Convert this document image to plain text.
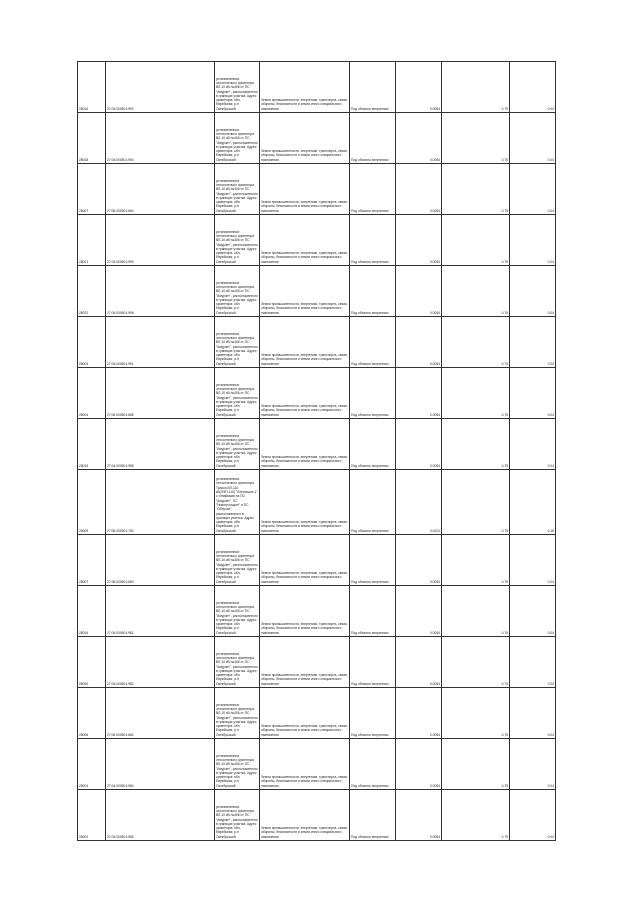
28016	27:04:000501:993	установленных относительно ориентира ВЛ-10 кВ №406 от ПС "Амурзет", расположенного в границах участка. Адрес ориентира: обл. Еврейская, р-н Октябрьский	Земли промышленности, энергетики, транспорта, связи, обороны, безопасности и земли иного специального назначения	Под объекты энергетики	0.0054	0.75	0.04
28018	27:04:000501:994	установленных относительно ориентира ВЛ-10 кВ №406 от ПС "Амурзет", расположенного в границах участка. Адрес ориентира: обл. Еврейская, р-н Октябрьский	Земли промышленности, энергетики, транспорта, связи, обороны, безопасности и земли иного специального назначения	Под объекты энергетики	0.0054	0.75	0.04
28007	27:06:000501:684	установленных относительно ориентира ВЛ-10 кВ №406 от ПС "Амурзет", расположенного в границах участка. Адрес ориентира: обл. Еврейская, р-н Октябрьский	Земли промышленности, энергетики, транспорта, связи, обороны, безопасности и земли иного специального назначения	Под объекты энергетики	0.0054	0.75	0.04
28021	27:04:000501:995	установленных относительно ориентира ВЛ-10 кВ №406 от ПС "Амурзет", расположенного в границах участка. Адрес ориентира: обл. Еврейская, р-н Октябрьский	Земли промышленности, энергетики, транспорта, связи, обороны, безопасности и земли иного специального назначения	Под объекты энергетики	0.0054	0.75	0.04
28022	27:04:000501:996	установленных относительно ориентира ВЛ-10 кВ №406 от ПС "Амурзет", расположенного в границах участка. Адрес ориентира: обл. Еврейская, р-н Октябрьский	Земли промышленности, энергетики, транспорта, связи, обороны, безопасности и земли иного специального назначения	Под объекты энергетики	0.0054	0.75	0.04
28003	27:04:000501:991	установленных относительно ориентира ВЛ-10 кВ №406 от ПС "Амурзет", расположенного в границах участка. Адрес ориентира: обл. Еврейская, р-н Октябрьский	Земли промышленности, энергетики, транспорта, связи, обороны, безопасности и земли иного специального назначения	Под объекты энергетики	0.0054	0.75	0.04
28004	27:06:000501:685	установленных относительно ориентира ВЛ-10 кВ №406 от ПС "Амурзет", расположенного в границах участка. Адрес ориентира: обл. Еврейская, р-н Октябрьский	Земли промышленности, энергетики, транспорта, связи, обороны, безопасности и земли иного специального назначения	Под объекты энергетики	0.0054	0.75	0.04
28015	27:04:000501:998	установленных относительно ориентира ВЛ-10 кВ №406 от ПС "Амурзет", расположенного в границах участка. Адрес ориентира: обл. Еврейская, р-н Октябрьский	Земли промышленности, энергетики, транспорта, связи, обороны, безопасности и земли иного специального назначения	Под объекты энергетики	0.0054	0.75	0.04
28009	27:06:000501:780	установленных относительно ориентира Трасса ВЛ-110 кВ(ЛЭП-110) "Ленинское-1" с отпайками на ПС "Амурзет", ПС "Новотроицкое" и ПС "Облучье", расположенного в границах участка. Адрес ориентира: обл. Еврейская, р-н Октябрьский	Земли промышленности, энергетики, транспорта, связи, обороны, безопасности и земли иного специального назначения	Под объекты энергетики	0.0224	0.75	0.16
28007	27:06:000501:683	установленных относительно ориентира ВЛ-10 кВ №406 от ПС "Амурзет", расположенного в границах участка. Адрес ориентира: обл. Еврейская, р-н Октябрьский	Земли промышленности, энергетики, транспорта, связи, обороны, безопасности и земли иного специального назначения	Под объекты энергетики	0.0054	0.75	0.04
28016	27:04:000501:981	установленных относительно ориентира ВЛ-10 кВ №406 от ПС "Амурзет", расположенного в границах участка. Адрес ориентира: обл. Еврейская, р-н Октябрьский	Земли промышленности, энергетики, транспорта, связи, обороны, безопасности и земли иного специального назначения	Под объекты энергетики	0.0054	0.75	0.04
28020	27:04:000501:982	установленных относительно ориентира ВЛ-10 кВ №406 от ПС "Амурзет", расположенного в границах участка. Адрес ориентира: обл. Еврейская, р-н Октябрьский	Земли промышленности, энергетики, транспорта, связи, обороны, безопасности и земли иного специального назначения	Под объекты энергетики	0.0054	0.75	0.04
28006	27:06:000501:682	установленных относительно ориентира ВЛ-10 кВ №406 от ПС "Амурзет", расположенного в границах участка. Адрес ориентира: обл. Еврейская, р-н Октябрьский	Земли промышленности, энергетики, транспорта, связи, обороны, безопасности и земли иного специального назначения	Под объекты энергетики	0.0054	0.75	0.04
28004	27:04:000501:984	установленных относительно ориентира ВЛ-10 кВ №406 от ПС "Амурзет", расположенного в границах участка. Адрес ориентира: обл. Еврейская, р-н Октябрьский	Земли промышленности, энергетики, транспорта, связи, обороны, безопасности и земли иного специального назначения	Под объекты энергетики	0.0054	0.75	0.04
28002	27:04:000501:985	установленных относительно ориентира ВЛ-10 кВ №406 от ПС "Амурзет", расположенного в границах участка. Адрес ориентира: обл. Еврейская, р-н Октябрьский	Земли промышленности, энергетики, транспорта, связи, обороны, безопасности и земли иного специального назначения	Под объекты энергетики	0.0054	0.75	0.04
